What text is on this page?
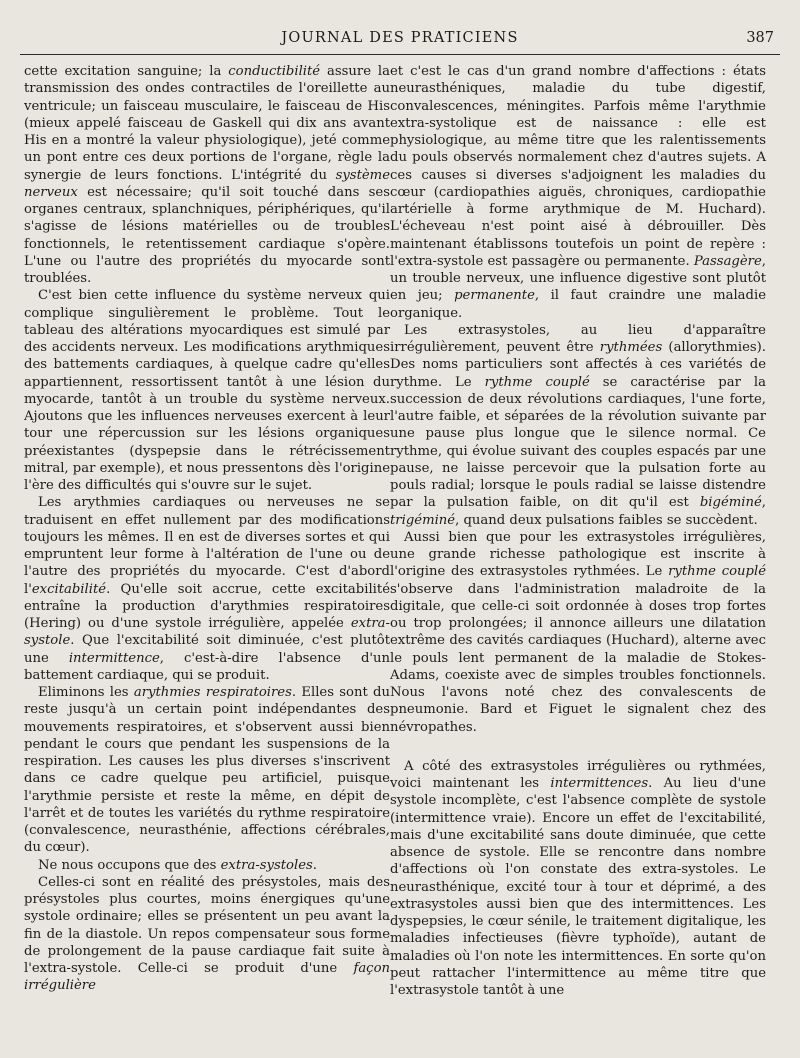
JOURNAL DES PRATICIENS	387

cette excitation sanguine; la conductibilité assure la transmission des ondes contractiles de l'oreillette au ventricule; un faisceau musculaire, le faisceau de His (mieux appelé faisceau de Gaskell qui dix ans avant His en a montré la valeur physiologique), jeté comme un pont entre ces deux portions de l'organe, règle la synergie de leurs fonctions. L'intégrité du système nerveux est nécessaire; qu'il soit touché dans ses organes centraux, splanchniques, périphériques, qu'il s'agisse de lésions matérielles ou de troubles fonctionnels, le retentissement cardiaque s'opère. L'une ou l'autre des propriétés du myocarde sont troublées.

C'est bien cette influence du système nerveux qui complique singulièrement le problème. Tout le tableau des altérations myocardiques est simulé par des accidents nerveux. Les modifications arythmiques des battements cardiaques, à quelque cadre qu'elles appartiennent, ressortissent tantôt à une lésion du myocarde, tantôt à un trouble du système nerveux. Ajoutons que les influences nerveuses exercent à leur tour une répercussion sur les lésions organiques préexistantes (dyspepsie dans le rétrécissement mitral, par exemple), et nous pressentons dès l'origine l'ère des difficultés qui s'ouvre sur le sujet.

Les arythmies cardiaques ou nerveuses ne se traduisent en effet nullement par des modifications toujours les mêmes. Il en est de diverses sortes et qui empruntent leur forme à l'altération de l'une ou de l'autre des propriétés du myocarde. C'est d'abord l'excitabilité. Qu'elle soit accrue, cette excitabilité entraîne la production d'arythmies respiratoires (Hering) ou d'une systole irrégulière, appelée extra-systole. Que l'excitabilité soit diminuée, c'est plutôt une intermittence, c'est-à-dire l'absence d'un battement cardiaque, qui se produit.

Eliminons les arythmies respiratoires. Elles sont du reste jusqu'à un certain point indépendantes des mouvements respiratoires, et s'observent aussi bien pendant le cours que pendant les suspensions de la respiration. Les causes les plus diverses s'inscrivent dans ce cadre quelque peu artificiel, puisque l'arythmie persiste et reste la même, en dépit de l'arrêt et de toutes les variétés du rythme respiratoire (convalescence, neurasthénie, affections cérébrales, du cœur).

Ne nous occupons que des extra-systoles.

Celles-ci sont en réalité des présystoles, mais des présystoles plus courtes, moins énergiques qu'une systole ordinaire; elles se présentent un peu avant la fin de la diastole. Un repos compensateur sous forme de prolongement de la pause cardiaque fait suite à l'extra-systole. Celle-ci se produit d'une façon irrégulière

et c'est le cas d'un grand nombre d'affections : états neurasthéniques, maladie du tube digestif, convalescences, méningites. Parfois même l'arythmie extra-systolique est de naissance : elle est physiologique, au même titre que les ralentissements du pouls observés normalement chez d'autres sujets. A ces causes si diverses s'adjoignent les maladies du cœur (cardiopathies aiguës, chroniques, cardiopathie artérielle à forme arythmique de M. Huchard). L'écheveau n'est point aisé à débrouiller. Dès maintenant établissons toutefois un point de repère : l'extra-systole est passagère ou permanente. Passagère, un trouble nerveux, une influence digestive sont plutôt en jeu; permanente, il faut craindre une maladie organique.

Les extrasystoles, au lieu d'apparaître irrégulièrement, peuvent être rythmées (allorythmies). Des noms particuliers sont affectés à ces variétés de rythme. Le rythme couplé se caractérise par la succession de deux révolutions cardiaques, l'une forte, l'autre faible, et séparées de la révolution suivante par une pause plus longue que le silence normal. Ce rythme, qui évolue suivant des couples espacés par une pause, ne laisse percevoir que la pulsation forte au pouls radial; lorsque le pouls radial se laisse distendre par la pulsation faible, on dit qu'il est bigéminé, trigéminé, quand deux pulsations faibles se succèdent.

Aussi bien que pour les extrasystoles irrégulières, une grande richesse pathologique est inscrite à l'origine des extrasystoles rythmées. Le rythme couplé s'observe dans l'administration maladroite de la digitale, que celle-ci soit ordonnée à doses trop fortes ou trop prolongées; il annonce ailleurs une dilatation extrême des cavités cardiaques (Huchard), alterne avec le pouls lent permanent de la maladie de Stokes-Adams, coexiste avec de simples troubles fonctionnels. Nous l'avons noté chez des convalescents de pneumonie. Bard et Figuet le signalent chez des névropathes.

A côté des extrasystoles irrégulières ou rythmées, voici maintenant les intermittences. Au lieu d'une systole incomplète, c'est l'absence complète de systole (intermittence vraie). Encore un effet de l'excitabilité, mais d'une excitabilité sans doute diminuée, que cette absence de systole. Elle se rencontre dans nombre d'affections où l'on constate des extra-systoles. Le neurasthénique, excité tour à tour et déprimé, a des extrasystoles aussi bien que des intermittences. Les dyspepsies, le cœur sénile, le traitement digitalique, les maladies infectieuses (fièvre typhoïde), autant de maladies où l'on note les intermittences. En sorte qu'on peut rattacher l'intermittence au même titre que l'extrasystole tantôt à une
